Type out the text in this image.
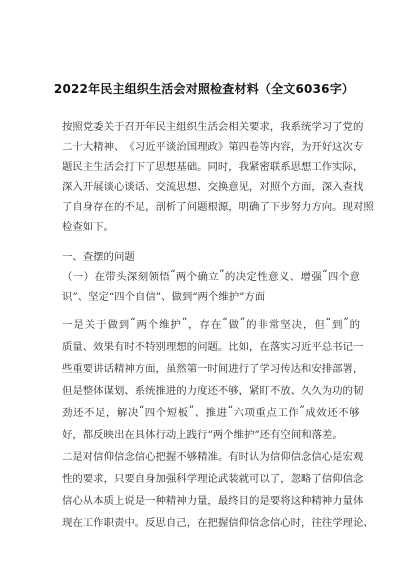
2022年民主组织生活会对照检查材料（全文6036字）
按 照 党 委 关 于 召 开 年 民 主 组 织 生 活 会 相 关 要 求 ， 我 系 统 学 习 了 党 的
二 十 大 精 神 、 《 习 近 平 谈 治 国 理 政 》 第 四 卷 等 内 容 ， 为 开 好 这 次 专
题 民 主 生 活 会 打 下 了 思 想 基 础 。 同 时 ， 我 紧 密 联 系 思 想 工 作 实 际 ，
深 入 开 展 谈 心 谈 话 、 交 流 思 想 、 交 换 意 见 ， 对 照 个 方 面 ， 深 入 查 找
了 自 身 存 在 的 不 足 ， 剖 析 了 问 题 根 源 ， 明 确 了 下 步 努 力 方 向 。 现 对 照
检查如下。
一、查摆的问题
（ 一 ） 在 带 头 深 刻 领 悟 “ 两 个 确 立 ” 的 决 定 性 意 义 、 增 强 “ 四 个 意
识”、坚定“四个自信”、做到“两个维护”方面
一 是 关 于 做 到 “ 两 个 维 护 ” ， 存 在 “ 做 ” 的 非 常 坚 决 ， 但 “ 到 ” 的
质 量 、 效 果 有 时 不 特 别 理 想 的 问 题 。 比 如 ， 在 落 实 习 近 平 总 书 记 一
些 重 要 讲 话 精 神 方 面 ， 虽 然 第 一 时 间 进 行 了 学 习 传 达 和 安 排 部 署 ，
但 是 整 体 谋 划 、 系 统 推 进 的 力 度 还 不 够 ， 紧 盯 不 放 、 久 久 为 功 的 韧
劲 还 不 足 ， 解 决 “ 四 个 短 板 ” 、 推 进 “ 六 项 重 点 工 作 ” 成 效 还 不 够
好，都反映出在具体行动上践行“两个维护”还有空间和落差。
二 是 对 信 仰 信 念 信 心 把 握 不 够 精 准 。 有 时 认 为 信 仰 信 念 信 心 是 宏 观
性 的 要 求 ， 只 要 自 身 加 强 科 学 理 论 武 装 就 可 以 了 ， 忽 略 了 信 仰 信 念
信 心 从 本 质 上 说 是 一 种 精 神 力 量 ， 最 终 目 的 是 要 将 这 种 精 神 力 量 体
现 在 工 作 职 责 中 。 反 思 自 己 ， 在 把 握 信 仰 信 念 信 心 时 ， 往 往 学 理 论 、
